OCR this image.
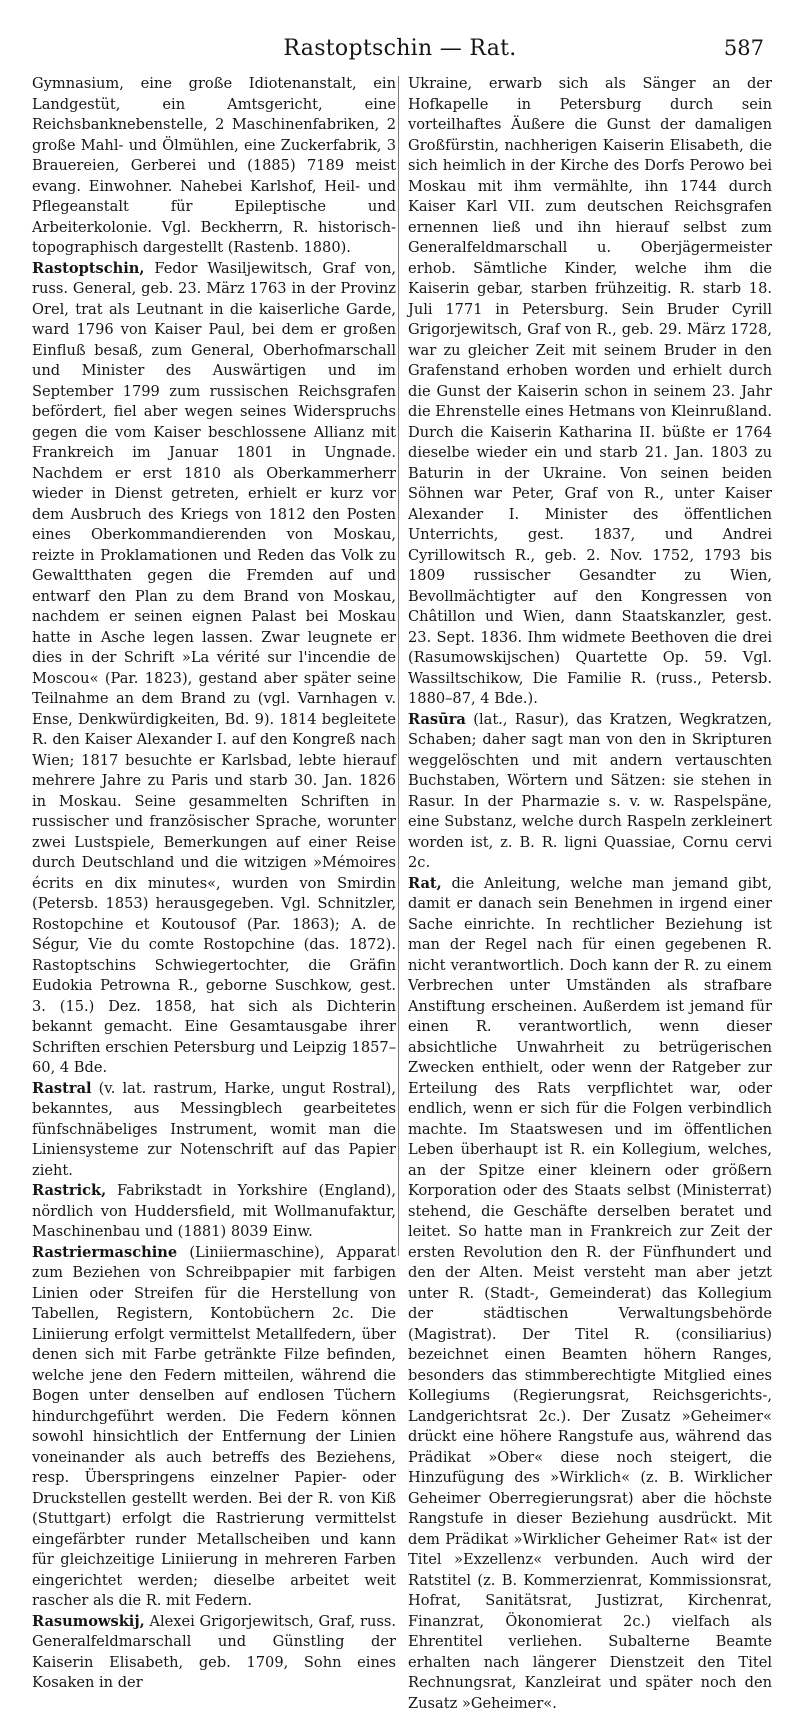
Rastoptschin — Rat.	587

Gymnasium, eine große Idiotenanstalt, ein Landgestüt, ein Amtsgericht, eine Reichsbanknebenstelle, 2 Maschinenfabriken, 2 große Mahl- und Ölmühlen, eine Zuckerfabrik, 3 Brauereien, Gerberei und (1885) 7189 meist evang. Einwohner. Nahebei Karlshof, Heil- und Pflegeanstalt für Epileptische und Arbeiterkolonie. Vgl. Beckherrn, R. historisch-topographisch dargestellt (Rastenb. 1880).

Rastoptschin, Fedor Wasiljewitsch, Graf von, russ. General, geb. 23. März 1763 in der Provinz Orel, trat als Leutnant in die kaiserliche Garde, ward 1796 von Kaiser Paul, bei dem er großen Einfluß besaß, zum General, Oberhofmarschall und Minister des Auswärtigen und im September 1799 zum russischen Reichsgrafen befördert, fiel aber wegen seines Widerspruchs gegen die vom Kaiser beschlossene Allianz mit Frankreich im Januar 1801 in Ungnade. Nachdem er erst 1810 als Oberkammerherr wieder in Dienst getreten, erhielt er kurz vor dem Ausbruch des Kriegs von 1812 den Posten eines Oberkommandierenden von Moskau, reizte in Proklamationen und Reden das Volk zu Gewaltthaten gegen die Fremden auf und entwarf den Plan zu dem Brand von Moskau, nachdem er seinen eignen Palast bei Moskau hatte in Asche legen lassen. Zwar leugnete er dies in der Schrift »La vérité sur l'incendie de Moscou« (Par. 1823), gestand aber später seine Teilnahme an dem Brand zu (vgl. Varnhagen v. Ense, Denkwürdigkeiten, Bd. 9). 1814 begleitete R. den Kaiser Alexander I. auf den Kongreß nach Wien; 1817 besuchte er Karlsbad, lebte hierauf mehrere Jahre zu Paris und starb 30. Jan. 1826 in Moskau. Seine gesammelten Schriften in russischer und französischer Sprache, worunter zwei Lustspiele, Bemerkungen auf einer Reise durch Deutschland und die witzigen »Mémoires écrits en dix minutes«, wurden von Smirdin (Petersb. 1853) herausgegeben. Vgl. Schnitzler, Rostopchine et Koutousof (Par. 1863); A. de Ségur, Vie du comte Rostopchine (das. 1872). Rastoptschins Schwiegertochter, die Gräfin Eudokia Petrowna R., geborne Suschkow, gest. 3. (15.) Dez. 1858, hat sich als Dichterin bekannt gemacht. Eine Gesamtausgabe ihrer Schriften erschien Petersburg und Leipzig 1857–60, 4 Bde.

Rastral (v. lat. rastrum, Harke, ungut Rostral), bekanntes, aus Messingblech gearbeitetes fünfschnäbeliges Instrument, womit man die Liniensysteme zur Notenschrift auf das Papier zieht.

Rastrick, Fabrikstadt in Yorkshire (England), nördlich von Huddersfield, mit Wollmanufaktur, Maschinenbau und (1881) 8039 Einw.

Rastriermaschine (Liniiermaschine), Apparat zum Beziehen von Schreibpapier mit farbigen Linien oder Streifen für die Herstellung von Tabellen, Registern, Kontobüchern 2c. Die Liniierung erfolgt vermittelst Metallfedern, über denen sich mit Farbe getränkte Filze befinden, welche jene den Federn mitteilen, während die Bogen unter denselben auf endlosen Tüchern hindurchgeführt werden. Die Federn können sowohl hinsichtlich der Entfernung der Linien voneinander als auch betreffs des Beziehens, resp. Überspringens einzelner Papier- oder Druckstellen gestellt werden. Bei der R. von Kiß (Stuttgart) erfolgt die Rastrierung vermittelst eingefärbter runder Metallscheiben und kann für gleichzeitige Liniierung in mehreren Farben eingerichtet werden; dieselbe arbeitet weit rascher als die R. mit Federn.

Rasumowskij, Alexei Grigorjewitsch, Graf, russ. Generalfeldmarschall und Günstling der Kaiserin Elisabeth, geb. 1709, Sohn eines Kosaken in der

Ukraine, erwarb sich als Sänger an der Hofkapelle in Petersburg durch sein vorteilhaftes Äußere die Gunst der damaligen Großfürstin, nachherigen Kaiserin Elisabeth, die sich heimlich in der Kirche des Dorfs Perowo bei Moskau mit ihm vermählte, ihn 1744 durch Kaiser Karl VII. zum deutschen Reichsgrafen ernennen ließ und ihn hierauf selbst zum Generalfeldmarschall u. Oberjägermeister erhob. Sämtliche Kinder, welche ihm die Kaiserin gebar, starben frühzeitig. R. starb 18. Juli 1771 in Petersburg. Sein Bruder Cyrill Grigorjewitsch, Graf von R., geb. 29. März 1728, war zu gleicher Zeit mit seinem Bruder in den Grafenstand erhoben worden und erhielt durch die Gunst der Kaiserin schon in seinem 23. Jahr die Ehrenstelle eines Hetmans von Kleinrußland. Durch die Kaiserin Katharina II. büßte er 1764 dieselbe wieder ein und starb 21. Jan. 1803 zu Baturin in der Ukraine. Von seinen beiden Söhnen war Peter, Graf von R., unter Kaiser Alexander I. Minister des öffentlichen Unterrichts, gest. 1837, und Andrei Cyrillowitsch R., geb. 2. Nov. 1752, 1793 bis 1809 russischer Gesandter zu Wien, Bevollmächtigter auf den Kongressen von Châtillon und Wien, dann Staatskanzler, gest. 23. Sept. 1836. Ihm widmete Beethoven die drei (Rasumowskijschen) Quartette Op. 59. Vgl. Wassiltschikow, Die Familie R. (russ., Petersb. 1880–87, 4 Bde.).

Rasūra (lat., Rasur), das Kratzen, Wegkratzen, Schaben; daher sagt man von den in Skripturen weggelöschten und mit andern vertauschten Buchstaben, Wörtern und Sätzen: sie stehen in Rasur. In der Pharmazie s. v. w. Raspelspäne, eine Substanz, welche durch Raspeln zerkleinert worden ist, z. B. R. ligni Quassiae, Cornu cervi 2c.

Rat, die Anleitung, welche man jemand gibt, damit er danach sein Benehmen in irgend einer Sache einrichte. In rechtlicher Beziehung ist man der Regel nach für einen gegebenen R. nicht verantwortlich. Doch kann der R. zu einem Verbrechen unter Umständen als strafbare Anstiftung erscheinen. Außerdem ist jemand für einen R. verantwortlich, wenn dieser absichtliche Unwahrheit zu betrügerischen Zwecken enthielt, oder wenn der Ratgeber zur Erteilung des Rats verpflichtet war, oder endlich, wenn er sich für die Folgen verbindlich machte. Im Staatswesen und im öffentlichen Leben überhaupt ist R. ein Kollegium, welches, an der Spitze einer kleinern oder größern Korporation oder des Staats selbst (Ministerrat) stehend, die Geschäfte derselben beratet und leitet. So hatte man in Frankreich zur Zeit der ersten Revolution den R. der Fünfhundert und den der Alten. Meist versteht man aber jetzt unter R. (Stadt-, Gemeinderat) das Kollegium der städtischen Verwaltungsbehörde (Magistrat). Der Titel R. (consiliarius) bezeichnet einen Beamten höhern Ranges, besonders das stimmberechtigte Mitglied eines Kollegiums (Regierungsrat, Reichsgerichts-, Landgerichtsrat 2c.). Der Zusatz »Geheimer« drückt eine höhere Rangstufe aus, während das Prädikat »Ober« diese noch steigert, die Hinzufügung des »Wirklich« (z. B. Wirklicher Geheimer Oberregierungsrat) aber die höchste Rangstufe in dieser Beziehung ausdrückt. Mit dem Prädikat »Wirklicher Geheimer Rat« ist der Titel »Exzellenz« verbunden. Auch wird der Ratstitel (z. B. Kommerzienrat, Kommissionsrat, Hofrat, Sanitätsrat, Justizrat, Kirchenrat, Finanzrat, Ökonomierat 2c.) vielfach als Ehrentitel verliehen. Subalterne Beamte erhalten nach längerer Dienstzeit den Titel Rechnungsrat, Kanzleirat und später noch den Zusatz »Geheimer«.
